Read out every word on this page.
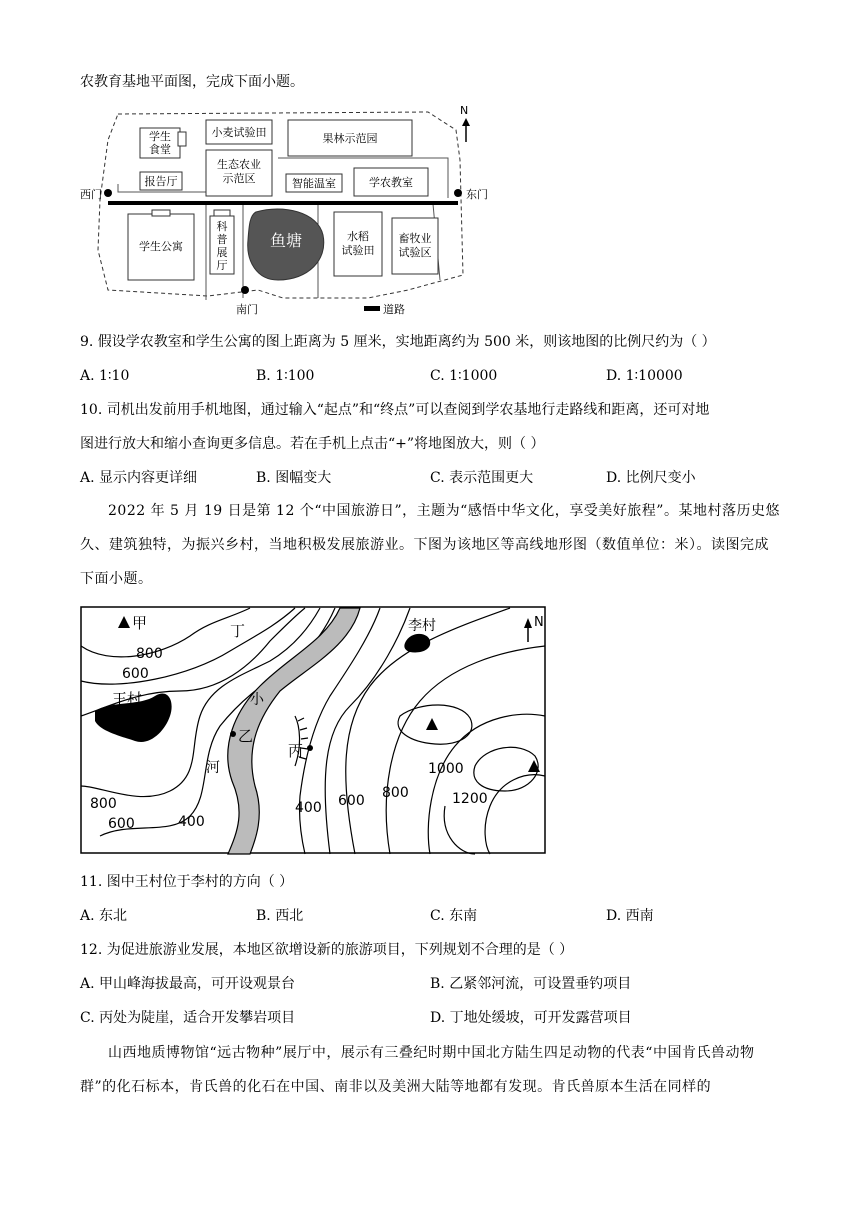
农教育基地平面图，完成下面小题。
学生
食堂
小麦试验田	果林示范园
生态农业
示范区
报告厅	智能温室	学农教室
学生公寓
科
普
展
厅
鱼塘	水稻
试验田
畜牧业
试验区
西门	东门
南门
N
道路
9. 假设学农教室和学生公寓的图上距离为 5 厘米，实地距离约为 500 米，则该地图的比例尺约为（ ）
A. 1∶10	B. 1∶100	C. 1∶1000	D. 1∶10000
10. 司机出发前用手机地图，通过输入“起点”和“终点”可以查阅到学农基地行走路线和距离，还可对地
图进行放大和缩小查询更多信息。若在手机上点击“+”将地图放大，则（ ）
A. 显示内容更详细	B. 图幅变大	C. 表示范围更大	D. 比例尺变小
2022 年 5 月 19 日是第 12 个“中国旅游日”，主题为“感悟中华文化，享受美好旅程”。某地村落历史悠久、建筑独特，为振兴乡村，当地积极发展旅游业。下图为该地区等高线地形图（数值单位：米）。读图完成下面小题。
N
甲	丁	李村
王村
乙
丙
小
河
800
600
800
600	400
400 600 800
1000
1200
11. 图中王村位于李村的方向（ ）
A. 东北	B. 西北	C. 东南	D. 西南
12. 为促进旅游业发展，本地区欲增设新的旅游项目，下列规划不合理的是（ ）
A. 甲山峰海拔最高，可开设观景台	B. 乙紧邻河流，可设置垂钓项目
C. 丙处为陡崖，适合开发攀岩项目	D. 丁地处缓坡，可开发露营项目
山西地质博物馆“远古物种”展厅中，展示有三叠纪时期中国北方陆生四足动物的代表“中国肯氏兽动物群”的化石标本，肯氏兽的化石在中国、南非以及美洲大陆等地都有发现。肯氏兽原本生活在同样的
